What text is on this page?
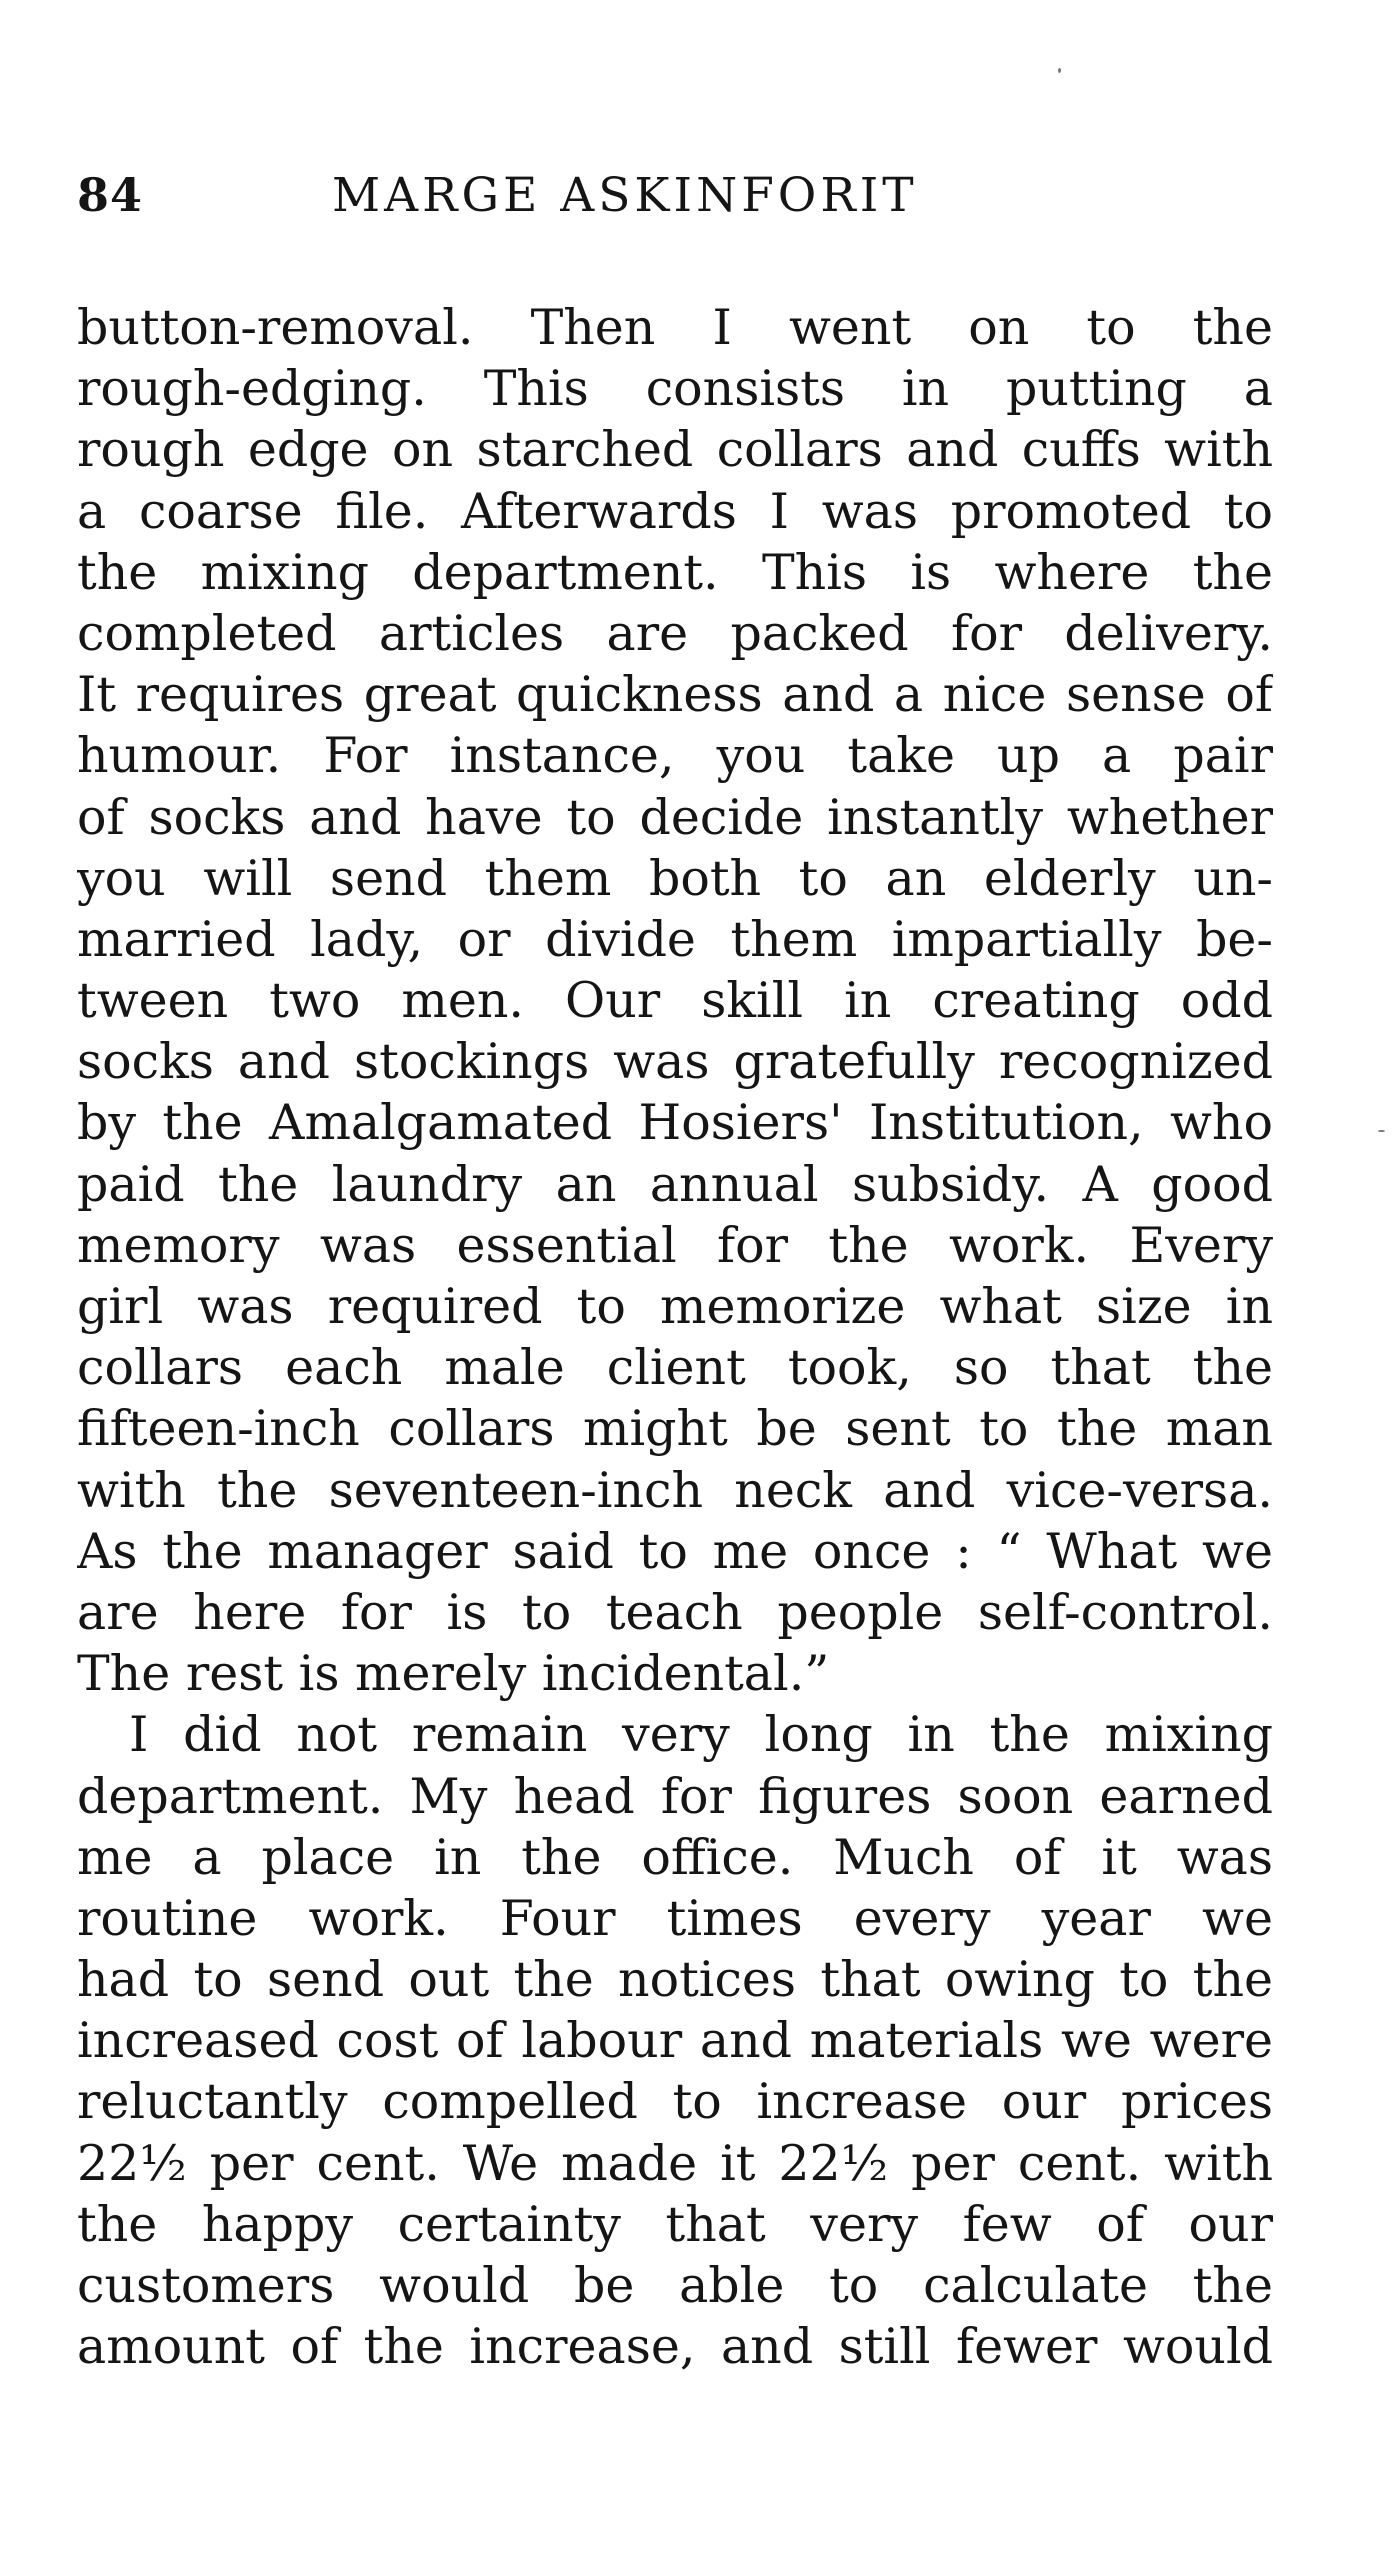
84	MARGE ASKINFORIT
button-removal. Then I went on to the
rough-edging. This consists in putting a
rough edge on starched collars and cuffs with
a coarse file. Afterwards I was promoted to
the mixing department. This is where the
completed articles are packed for delivery.
It requires great quickness and a nice sense of
humour. For instance, you take up a pair
of socks and have to decide instantly whether
you will send them both to an elderly un-
married lady, or divide them impartially be-
tween two men. Our skill in creating odd
socks and stockings was gratefully recognized
by the Amalgamated Hosiers' Institution, who
paid the laundry an annual subsidy. A good
memory was essential for the work. Every
girl was required to memorize what size in
collars each male client took, so that the
fifteen-inch collars might be sent to the man
with the seventeen-inch neck and vice-versa.
As the manager said to me once : “ What we
are here for is to teach people self-control.
The rest is merely incidental.”
I did not remain very long in the mixing
department. My head for figures soon earned
me a place in the office. Much of it was
routine work. Four times every year we
had to send out the notices that owing to the
increased cost of labour and materials we were
reluctantly compelled to increase our prices
22½ per cent. We made it 22½ per cent. with
the happy certainty that very few of our
customers would be able to calculate the
amount of the increase, and still fewer would
